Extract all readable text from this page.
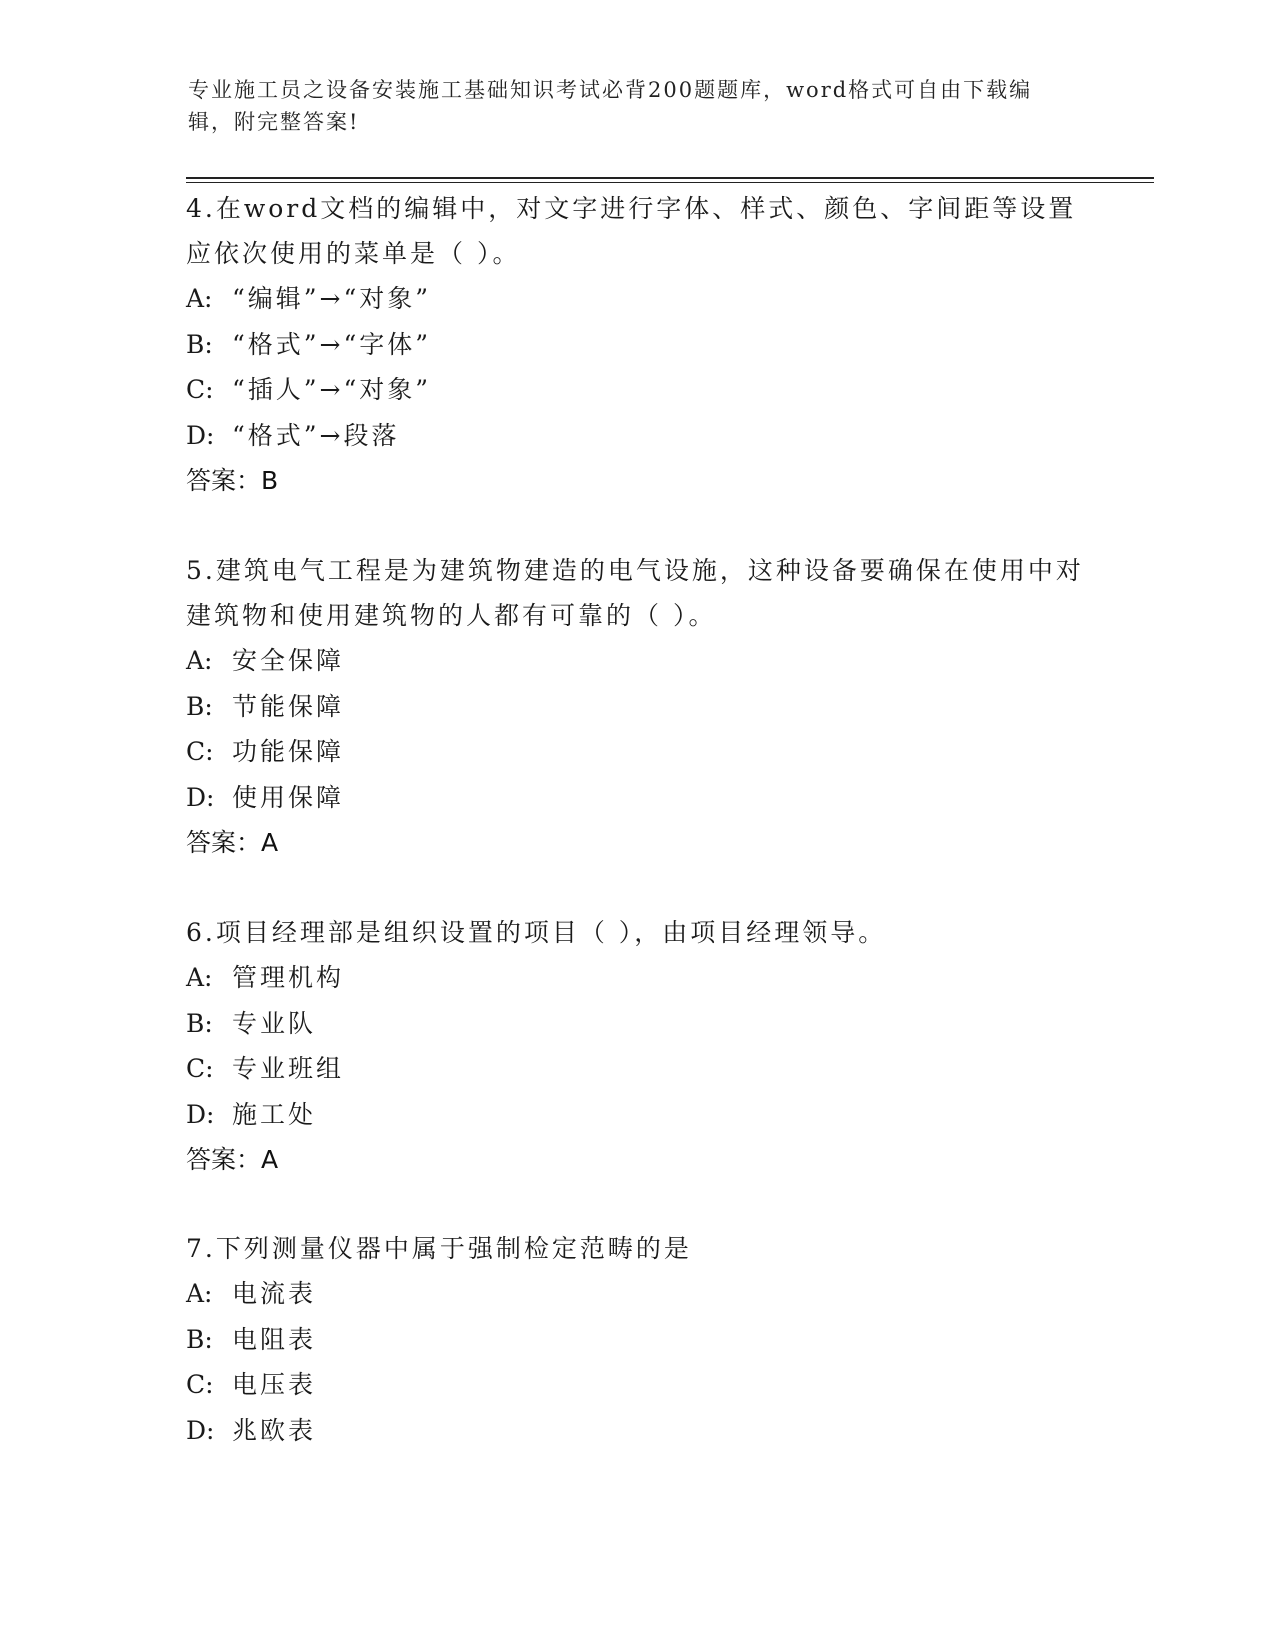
专业施工员之设备安装施工基础知识考试必背200题题库，word格式可自由下载编辑，附完整答案!

4.在word文档的编辑中，对文字进行字体、样式、颜色、字间距等设置应依次使用的菜单是（ ）。

A: “编辑”→“对象”

B: “格式”→“字体”

C: “插人”→“对象”

D: “格式”→段落

答案：B

5.建筑电气工程是为建筑物建造的电气设施，这种设备要确保在使用中对建筑物和使用建筑物的人都有可靠的（ ）。

A: 安全保障

B: 节能保障

C: 功能保障

D: 使用保障

答案：A

6.项目经理部是组织设置的项目（ ），由项目经理领导。

A: 管理机构

B: 专业队

C: 专业班组

D: 施工处

答案：A

7.下列测量仪器中属于强制检定范畴的是

A: 电流表

B: 电阻表

C: 电压表

D: 兆欧表
